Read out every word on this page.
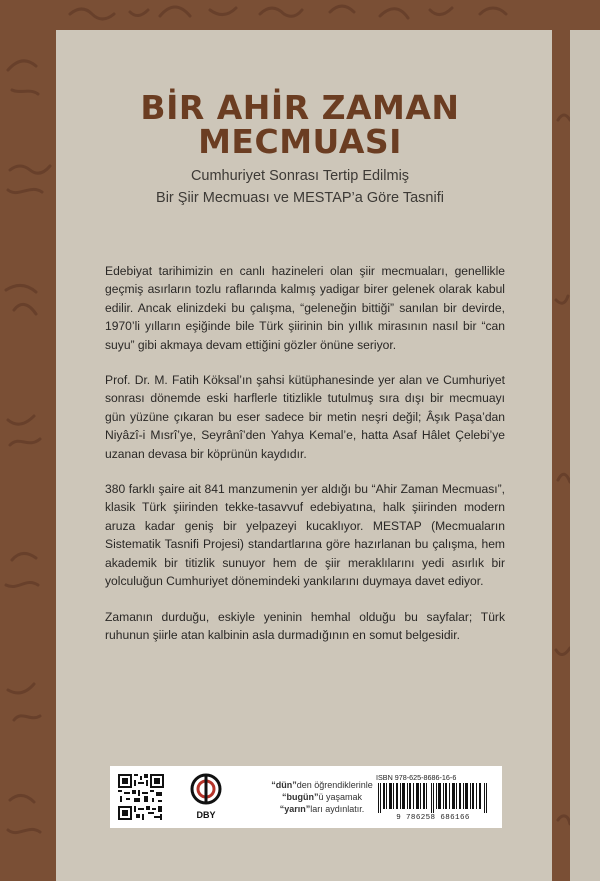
BİR AHİR ZAMAN
MECMUASI

Cumhuriyet Sonrası Tertip Edilmiş

Bir Şiir Mecmuası ve MESTAP’a Göre Tasnifi

Edebiyat tarihimizin en canlı hazineleri olan şiir mecmuaları, genellikle geçmiş asırların tozlu raflarında kalmış yadigar birer gelenek olarak kabul edilir. Ancak elinizdeki bu çalışma, “geleneğin bittiği” sanılan bir devirde, 1970’li yılların eşiğinde bile Türk şiirinin bin yıllık mirasının nasıl bir “can suyu” gibi akmaya devam ettiğini gözler önüne seriyor.

Prof. Dr. M. Fatih Köksal’ın şahsi kütüphanesinde yer alan ve Cumhuriyet sonrası dönemde eski harflerle titizlikle tutulmuş sıra dışı bir mecmuayı gün yüzüne çıkaran bu eser sadece bir metin neşri değil; Âşık Paşa’dan Niyâzî-i Mısrî’ye, Seyrânî’den Yahya Kemal’e, hatta Asaf Hâlet Çelebi’ye uzanan devasa bir köprünün kaydıdır.

380 farklı şaire ait 841 manzumenin yer aldığı bu “Ahir Zaman Mecmuası”, klasik Türk şiirinden tekke-tasavvuf edebiyatına, halk şiirinden modern aruza kadar geniş bir yelpazeyi kucaklıyor. MESTAP (Mecmuaların Sistematik Tasnifi Projesi) standartlarına göre hazırlanan bu çalışma, hem akademik bir titizlik sunuyor hem de şiir meraklılarını yedi asırlık bir yolculuğun Cumhuriyet dönemindeki yankılarını duymaya davet ediyor.

Zamanın durduğu, eskiyle yeninin hemhal olduğu bu sayfalar; Türk ruhunun şiirle atan kalbinin asla durmadığının en somut belgesidir.

DBY
“dün”den öğrendiklerinle
“bugün”ü yaşamak
“yarın”ları aydınlatır.
ISBN 978-625-8686-16-6
9 786258 686166
